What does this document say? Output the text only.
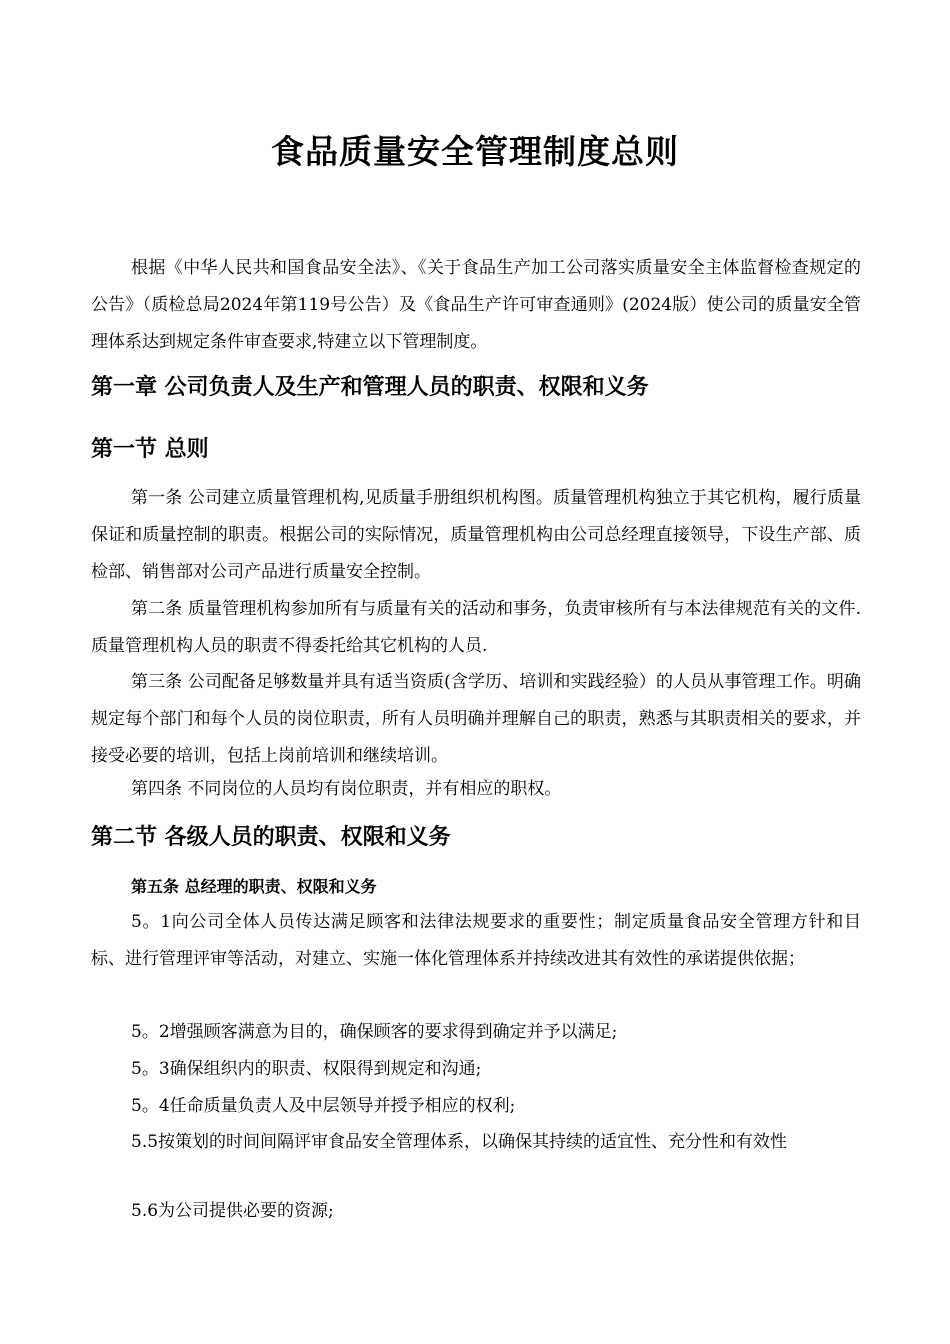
食品质量安全管理制度总则
根据《中华人民共和国食品安全法》、《关于食品生产加工公司落实质量安全主体监督检查规定的公告》（质检总局2024年第119号公告）及《食品生产许可审查通则》(2024版）使公司的质量安全管理体系达到规定条件审查要求,特建立以下管理制度。
第一章 公司负责人及生产和管理人员的职责、权限和义务
第一节 总则
第一条 公司建立质量管理机构,见质量手册组织机构图。质量管理机构独立于其它机构，履行质量保证和质量控制的职责。根据公司的实际情况，质量管理机构由公司总经理直接领导，下设生产部、质检部、销售部对公司产品进行质量安全控制。
第二条 质量管理机构参加所有与质量有关的活动和事务，负责审核所有与本法律规范有关的文件.质量管理机构人员的职责不得委托给其它机构的人员.
第三条 公司配备足够数量并具有适当资质(含学历、培训和实践经验）的人员从事管理工作。明确规定每个部门和每个人员的岗位职责，所有人员明确并理解自己的职责，熟悉与其职责相关的要求，并接受必要的培训，包括上岗前培训和继续培训。
第四条 不同岗位的人员均有岗位职责，并有相应的职权。
第二节 各级人员的职责、权限和义务
第五条 总经理的职责、权限和义务
5。1向公司全体人员传达满足顾客和法律法规要求的重要性；制定质量食品安全管理方针和目标、进行管理评审等活动，对建立、实施一体化管理体系并持续改进其有效性的承诺提供依据；
5。2增强顾客满意为目的，确保顾客的要求得到确定并予以满足;
5。3确保组织内的职责、权限得到规定和沟通;
5。4任命质量负责人及中层领导并授予相应的权利;
5.5按策划的时间间隔评审食品安全管理体系，以确保其持续的适宜性、充分性和有效性
5.6为公司提供必要的资源;
